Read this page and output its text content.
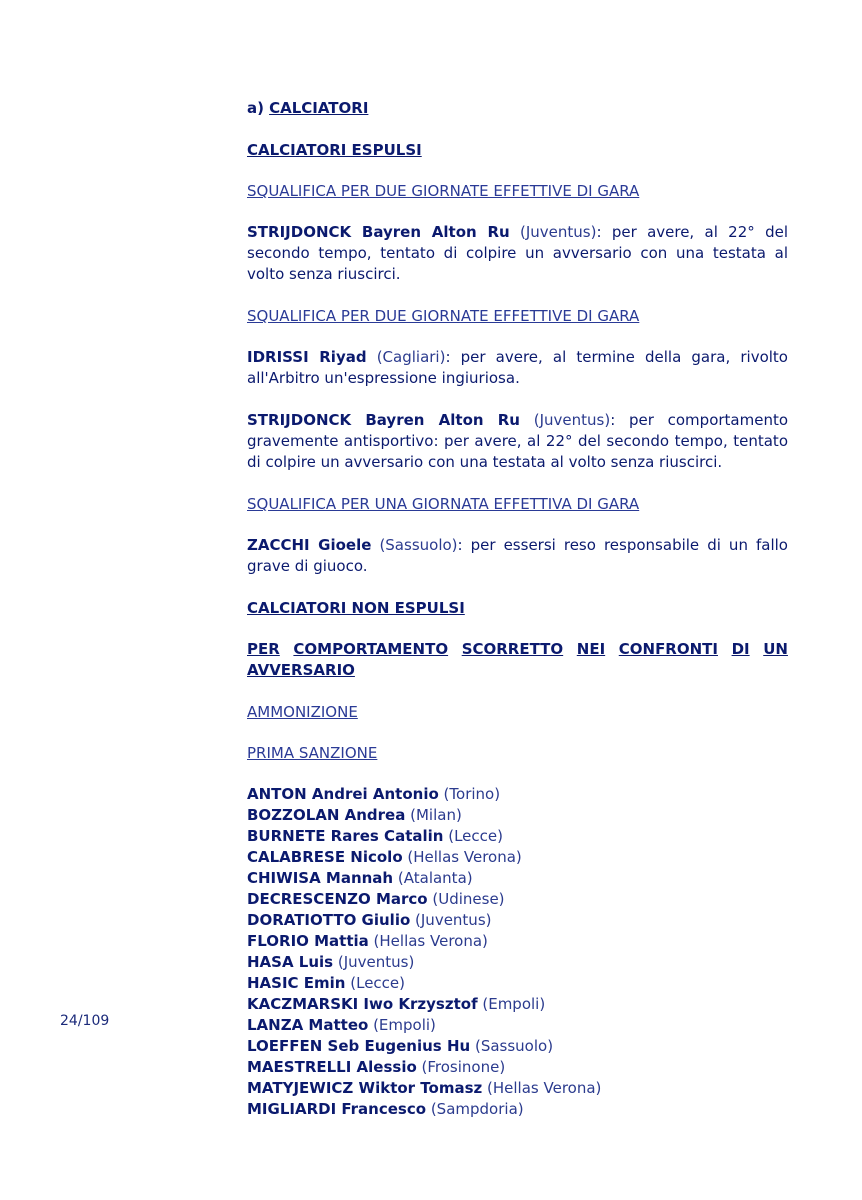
a) CALCIATORI
CALCIATORI ESPULSI
SQUALIFICA PER DUE GIORNATE EFFETTIVE DI GARA

STRIJDONCK Bayren Alton Ru (Juventus): per avere, al 22° del secondo tempo, tentato di colpire un avversario con una testata al volto senza riuscirci.

SQUALIFICA PER DUE GIORNATE EFFETTIVE DI GARA

IDRISSI Riyad (Cagliari): per avere, al termine della gara, rivolto all'Arbitro un'espressione ingiuriosa.

STRIJDONCK Bayren Alton Ru (Juventus): per comportamento gravemente antisportivo: per avere, al 22° del secondo tempo, tentato di colpire un avversario con una testata al volto senza riuscirci.

SQUALIFICA PER UNA GIORNATA EFFETTIVA DI GARA

ZACCHI Gioele (Sassuolo): per essersi reso responsabile di un fallo grave di giuoco.

CALCIATORI NON ESPULSI
PER COMPORTAMENTO SCORRETTO NEI CONFRONTI DI UN
AVVERSARIO
AMMONIZIONE
PRIMA SANZIONE
ANTON Andrei Antonio (Torino)
BOZZOLAN Andrea (Milan)
BURNETE Rares Catalin (Lecce)
CALABRESE Nicolo (Hellas Verona)
CHIWISA Mannah (Atalanta)
DECRESCENZO Marco (Udinese)
DORATIOTTO Giulio (Juventus)
FLORIO Mattia (Hellas Verona)
HASA Luis (Juventus)
HASIC Emin (Lecce)
KACZMARSKI Iwo Krzysztof (Empoli)
LANZA Matteo (Empoli)
LOEFFEN Seb Eugenius Hu (Sassuolo)
MAESTRELLI Alessio (Frosinone)
MATYJEWICZ Wiktor Tomasz (Hellas Verona)
MIGLIARDI Francesco (Sampdoria)
24/109
